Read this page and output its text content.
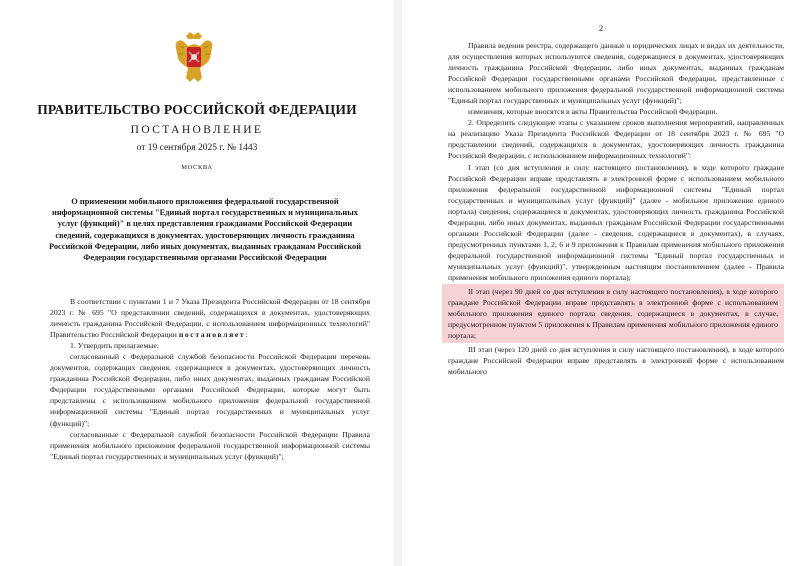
ПРАВИТЕЛЬСТВО РОССИЙСКОЙ ФЕДЕРАЦИИ
ПОСТАНОВЛЕНИЕ
от 19 сентября 2025 г. № 1443
МОСКВА
О применении мобильного приложения федеральной государственной информационной системы "Единый портал государственных и муниципальных услуг (функций)" в целях представления гражданами Российской Федерации сведений, содержащихся в документах, удостоверяющих личность гражданина Российской Федерации, либо иных документах, выданных гражданам Российской Федерации государственными органами Российской Федерации

В соответствии с пунктами 1 и 7 Указа Президента Российской Федерации от 18 сентября 2023 г. № 695 "О представлении сведений, содержащихся в документах, удостоверяющих личность гражданина Российской Федерации, с использованием информационных технологий" Правительство Российской Федерации постановляет:

1. Утвердить прилагаемые:

согласованный с Федеральной службой безопасности Российской Федерации перечень документов, содержащих сведения, содержащиеся в документах, удостоверяющих личность гражданина Российской Федерации, либо иных документах, выданных гражданам Российской Федерации государственными органами Российской Федерации, которые могут быть представлены с использованием мобильного приложения федеральной государственной информационной системы "Единый портал государственных и муниципальных услуг (функций)";

согласованные с Федеральной службой безопасности Российской Федерации Правила применения мобильного приложения федеральной государственной информационной системы "Единый портал государственных и муниципальных услуг (функций)";

2

Правила ведения реестра, содержащего данные о юридических лицах и видах их деятельности, для осуществления которых используются сведения, содержащиеся в документах, удостоверяющих личность гражданина Российской Федерации, либо иных документах, выданных гражданам Российской Федерации государственными органами Российской Федерации, представленные с использованием мобильного приложения федеральной государственной информационной системы "Единый портал государственных и муниципальных услуг (функций)";

изменения, которые вносятся в акты Правительства Российской Федерации.

2. Определить следующие этапы с указанием сроков выполнения мероприятий, направленных на реализацию Указа Президента Российской Федерации от 18 сентября 2023 г. № 695 "О представлении сведений, содержащихся в документах, удостоверяющих личность гражданина Российской Федерации, с использованием информационных технологий":

I этап (со дня вступления в силу настоящего постановления), в ходе которого граждане Российской Федерации вправе представлять в электронной форме с использованием мобильного приложения федеральной государственной информационной системы "Единый портал государственных и муниципальных услуг (функций)" (далее - мобильное приложение единого портала) сведения, содержащиеся в документах, удостоверяющих личность гражданина Российской Федерации, либо иных документах, выданных гражданам Российской Федерации государственными органами Российской Федерации (далее - сведения, содержащиеся в документах), в случаях, предусмотренных пунктами 1, 2, 6 и 9 приложения к Правилам применения мобильного приложения федеральной государственной информационной системы "Единый портал государственных и муниципальных услуг (функций)", утвержденным настоящим постановлением (далее - Правила применения мобильного приложения единого портала);

II этап (через 90 дней со дня вступления в силу настоящего постановления), в ходе которого граждане Российской Федерации вправе представлять в электронной форме с использованием мобильного приложения единого портала сведения, содержащиеся в документах, в случае, предусмотренном пунктом 5 приложения к Правилам применения мобильного приложения единого портала;

III этап (через 120 дней со дня вступления в силу настоящего постановления), в ходе которого граждане Российской Федерации вправе представлять в электронной форме с использованием мобильного
